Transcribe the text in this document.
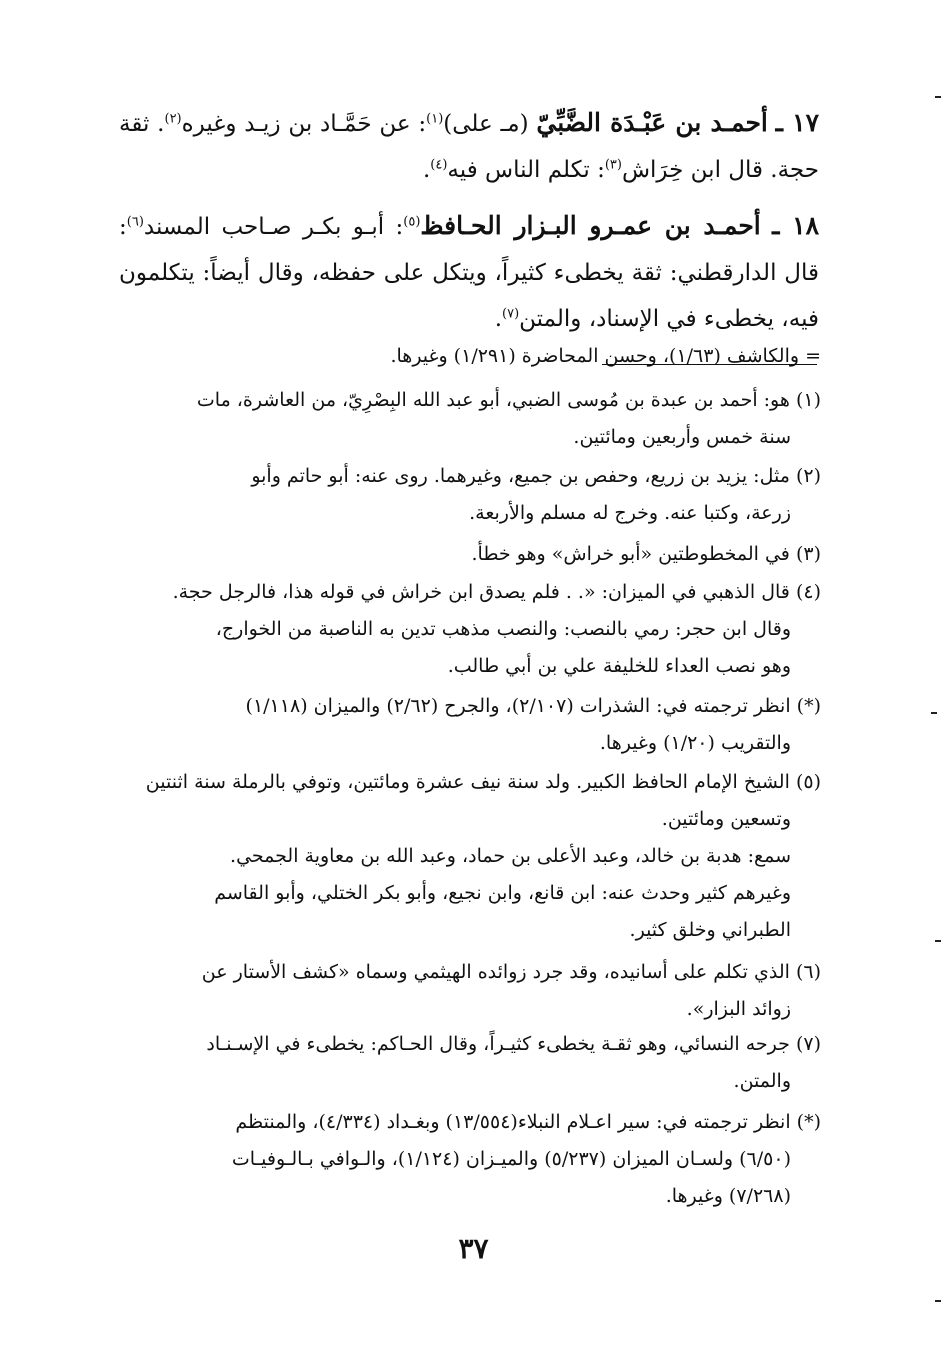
١٧ ـ أحمـد بن عَبْـدَة الضَّبِّيّ (مـ على)$^{(١)}$: عن حَمَّـاد بن زيـد وغيره$^{(٢)}$. ثقة حجة. قال ابن خِرَاش$^{(٣)}$: تكلم الناس فيه$^{(٤)}$.

١٨ ـ أحمـد بن عمـرو البـزار الحـافظ$^{(٥)}$: أبـو بكـر صـاحب المسند$^{(٦)}$: قال الدارقطني: ثقة يخطىء كثيراً، ويتكل على حفظه، وقال أيضاً: يتكلمون فيه، يخطىء في الإسناد، والمتن$^{(٧)}$.

= والكاشف (١/٦٣)، وحسن المحاضرة (١/٢٩١) وغيرها.

(١) هو: أحمد بن عبدة بن مُوسى الضبي، أبو عبد الله البِصْرِيّ، من العاشرة، مات

سنة خمس وأربعين ومائتين.

(٢) مثل: يزيد بن زريع، وحفص بن جميع، وغيرهما. روى عنه: أبو حاتم وأبو

زرعة، وكتبا عنه. وخرج له مسلم والأربعة.

(٣) في المخطوطتين «أبو خراش» وهو خطأ.

(٤) قال الذهبي في الميزان: «. . فلم يصدق ابن خراش في قوله هذا، فالرجل حجة.

وقال ابن حجر: رمي بالنصب: والنصب مذهب تدين به الناصبة من الخوارج،

وهو نصب العداء للخليفة علي بن أبي طالب.

(*) انظر ترجمته في: الشذرات (٢/١٠٧)، والجرح (٢/٦٢) والميزان (١/١١٨)

والتقريب (١/٢٠) وغيرها.

(٥) الشيخ الإمام الحافظ الكبير. ولد سنة نيف عشرة ومائتين، وتوفي بالرملة سنة اثنتين

وتسعين ومائتين.

سمع: هدبة بن خالد، وعبد الأعلى بن حماد، وعبد الله بن معاوية الجمحي.

وغيرهم كثير وحدث عنه: ابن قانع، وابن نجيع، وأبو بكر الختلي، وأبو القاسم

الطبراني وخلق كثير.

(٦) الذي تكلم على أسانيده، وقد جرد زوائده الهيثمي وسماه «كشف الأستار عن

زوائد البزار».

(٧) جرحه النسائي، وهو ثقـة يخطىء كثيـراً، وقال الحـاكم: يخطىء في الإسـنـاد

والمتن.

(*) انظر ترجمته في: سير اعـلام النبلاء(١٣/٥٥٤) وبغـداد (٤/٣٣٤)، والمنتظم

(٦/٥٠) ولسـان الميزان (٥/٢٣٧) والميـزان (١/١٢٤)، والـوافي بـالـوفيـات

(٧/٢٦٨) وغيرها.

٣٧
